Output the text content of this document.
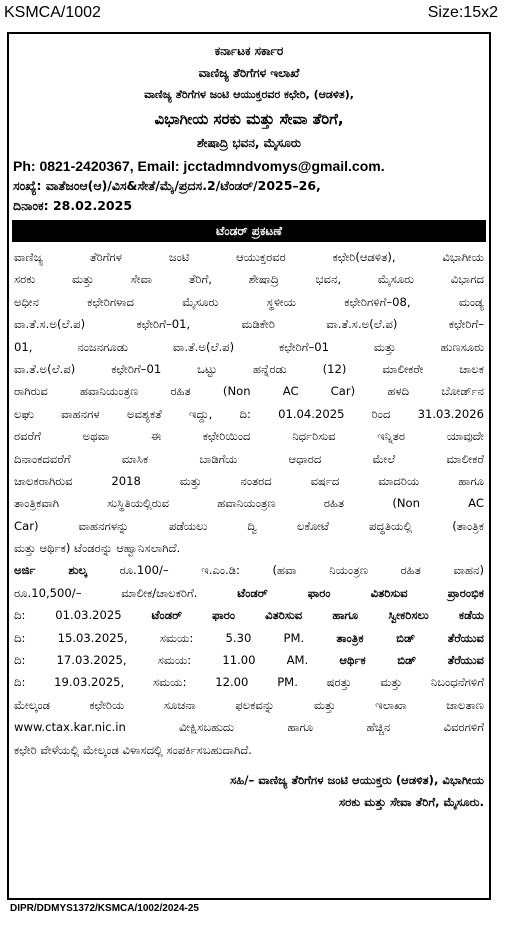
KSMCA/1002	Size:15x2
ಕರ್ನಾಟಕ ಸರ್ಕಾರ
ವಾಣಿಜ್ಯ ತೆರಿಗೆಗಳ ಇಲಾಖೆ
ವಾಣಿಜ್ಯ ತೆರಿಗೆಗಳ ಜಂಟಿ ಆಯುಕ್ತರವರ ಕಛೇರಿ, (ಆಡಳಿತ),
ವಿಭಾಗೀಯ ಸರಕು ಮತ್ತು ಸೇವಾ ತೆರಿಗೆ,
ಶೇಷಾದ್ರಿ ಭವನ, ಮೈಸೂರು
Ph: 0821-2420367, Email: jcctadmndvomys@gmail.com.
ಸಂಖ್ಯೆ: ವಾತೆಜಂಆ(ಆ)/ವಿಸ&ಸೇತೆ/ಮೈ/ಪ್ರದಸ.2/ಟೆಂಡರ್/2025–26,
ದಿನಾಂಕ: 28.02.2025
ಟೆಂಡರ್ ಪ್ರಕಟಣೆ
ವಾಣಿಜ್ಯ ತೆರಿಗೆಗಳ ಜಂಟಿ ಆಯುಕ್ತರವರ ಕಛೇರಿ(ಆಡಳಿತ), ವಿಭಾಗೀಯ
ಸರಕು ಮತ್ತು ಸೇವಾ ತೆರಿಗೆ, ಶೇಷಾದ್ರಿ ಭವನ, ಮೈಸೂರು ವಿಭಾಗದ
ಅಧೀನ ಕಛೇರಿಗಳಾದ ಮೈಸೂರು ಸ್ಥಳೀಯ ಕಛೇರಿಗಳಿಗೆ–08, ಮಂಡ್ಯ
ವಾ.ತೆ.ಸ.ಅ(ಲೆ.ಪ) ಕಛೇರಿಗೆ–01, ಮಡಿಕೇರಿ ವಾ.ತೆ.ಸ.ಅ(ಲೆ.ಪ) ಕಛೇರಿಗೆ–
01, ನಂಜನಗೂಡು ವಾ.ತೆ.ಅ(ಲೆ.ಪ) ಕಛೇರಿಗೆ–01 ಮತ್ತು ಹುಣಸೂರು
ವಾ.ತೆ.ಅ(ಲೆ.ಪ) ಕಛೇರಿಗೆ–01 ಒಟ್ಟು ಹನ್ನೆರಡು (12) ಮಾಲೀಕರೇ ಚಾಲಕ
ರಾಗಿರುವ ಹವಾನಿಯಂತ್ರಣ ರಹಿತ (Non AC Car) ಹಳದಿ ಬೋರ್ಡ್‌ನ
ಲಘು ವಾಹನಗಳ ಅವಶ್ಯಕತೆ ಇದ್ದು, ದಿ: 01.04.2025 ರಿಂದ 31.03.2026
ರವರೆಗೆ ಅಥವಾ ಈ ಕಛೇರಿಯಿಂದ ನಿರ್ಧರಿಸುವ ಇನ್ನಿತರ ಯಾವುದೇ
ದಿನಾಂಕದವರೆಗೆ ಮಾಸಿಕ ಬಾಡಿಗೆಯ ಆಧಾರದ ಮೇಲೆ ಮಾಲೀಕರೆ
ಚಾಲಕರಾಗಿರುವ 2018 ಮತ್ತು ನಂತರದ ವರ್ಷದ ಮಾದರಿಯ ಹಾಗೂ
ತಾಂತ್ರಿಕವಾಗಿ ಸುಸ್ಥಿತಿಯಲ್ಲಿರುವ ಹವಾನಿಯಂತ್ರಣ ರಹಿತ (Non AC
Car) ವಾಹನಗಳನ್ನು ಪಡೆಯಲು ದ್ವಿ ಲಕೋಟೆ ಪದ್ಧತಿಯಲ್ಲಿ (ತಾಂತ್ರಿಕ
ಮತ್ತು ಆರ್ಥಿಕ) ಟೆಂಡರನ್ನು ಆಹ್ವಾನಿಸಲಾಗಿದೆ.
ಅರ್ಜಿ ಶುಲ್ಕ ರೂ.100/– ಇ.ಎಂ.ಡಿ: (ಹವಾ ನಿಯಂತ್ರಣ ರಹಿತ ವಾಹನ)
ರೂ.10,500/– ಮಾಲೀಕ/ಚಾಲಕರಿಗೆ. ಟೆಂಡರ್ ಫಾರಂ ವಿತರಿಸುವ ಪ್ರಾರಂಭಿಕ
ದಿ: 01.03.2025 ಟೆಂಡರ್ ಫಾರಂ ವಿತರಿಸುವ ಹಾಗೂ ಸ್ವೀಕರಿಸಲು ಕಡೆಯ
ದಿ: 15.03.2025, ಸಮಯ: 5.30 PM. ತಾಂತ್ರಿಕ ಬಿಡ್ ತೆರೆಯುವ
ದಿ: 17.03.2025, ಸಮಯ: 11.00 AM. ಆರ್ಥಿಕ ಬಿಡ್ ತೆರೆಯುವ
ದಿ: 19.03.2025, ಸಮಯ: 12.00 PM. ಷರತ್ತು ಮತ್ತು ನಿಬಂಧನೆಗಳಿಗೆ
ಮೇಲ್ಕಂಡ ಕಛೇರಿಯ ಸೂಚನಾ ಫಲಕವನ್ನು ಮತ್ತು ಇಲಾಖಾ ಜಾಲತಾಣ
www.ctax.kar.nic.in ವೀಕ್ಷಿಸಬಹುದು ಹಾಗೂ ಹೆಚ್ಚಿನ ವಿವರಗಳಿಗೆ
ಕಛೇರಿ ವೇಳೆಯಲ್ಲಿ ಮೇಲ್ಕಂಡ ವಿಳಾಸದಲ್ಲಿ ಸಂಪರ್ಕಿಸಬಹುದಾಗಿದೆ.
ಸಹಿ/– ವಾಣಿಜ್ಯ ತೆರಿಗೆಗಳ ಜಂಟಿ ಆಯುಕ್ತರು (ಆಡಳಿತ), ವಿಭಾಗೀಯ
ಸರಕು ಮತ್ತು ಸೇವಾ ತೆರಿಗೆ, ಮೈಸೂರು.
DIPR/DDMYS1372/KSMCA/1002/2024-25
